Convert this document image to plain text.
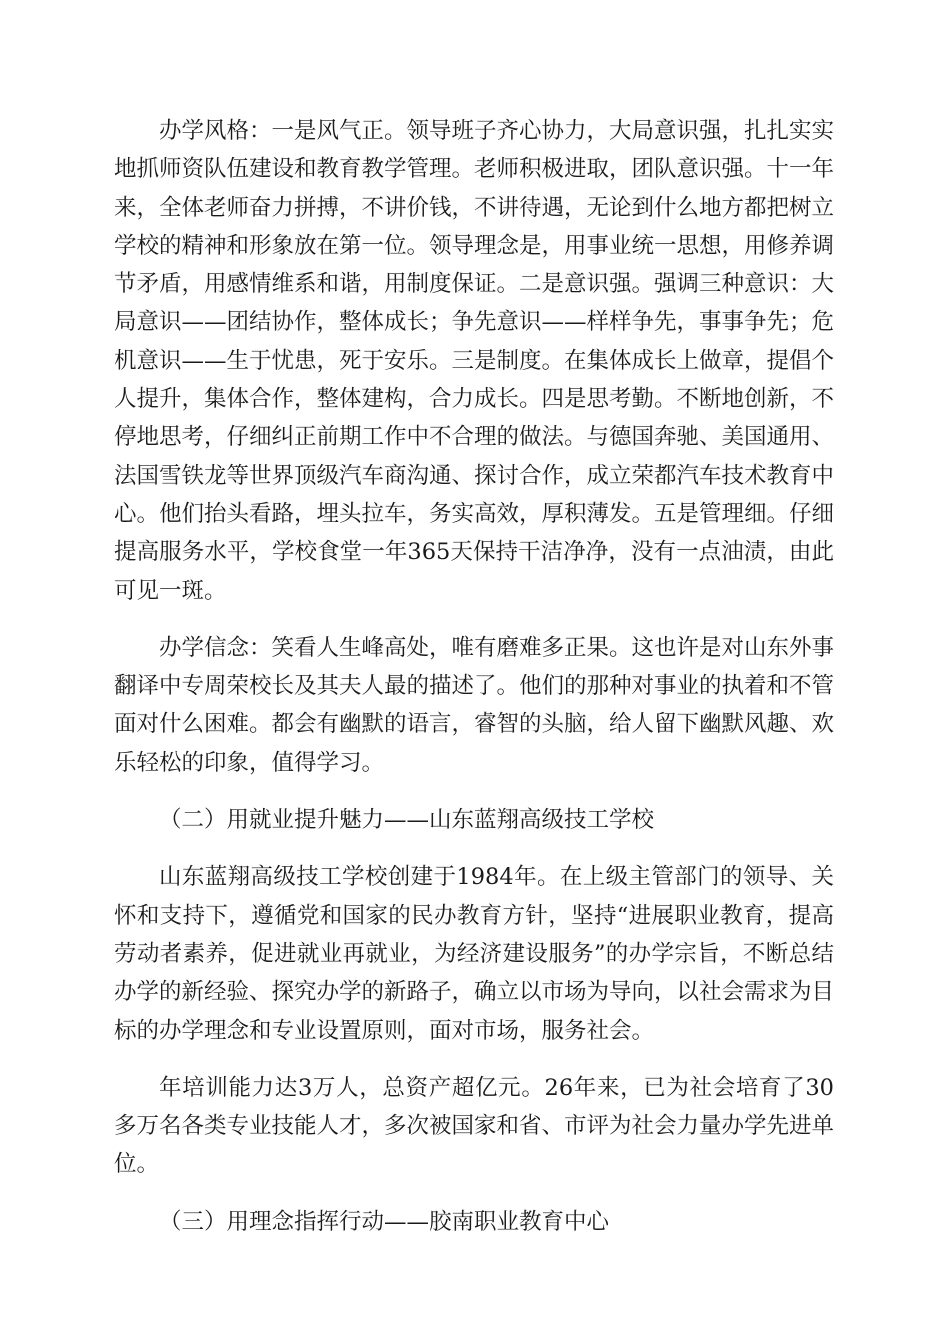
办学风格：一是风气正。领导班子齐心协力，大局意识强，扎扎实实地抓师资队伍建设和教育教学管理。老师积极进取，团队意识强。十一年来，全体老师奋力拼搏，不讲价钱，不讲待遇，无论到什么地方都把树立学校的精神和形象放在第一位。领导理念是，用事业统一思想，用修养调节矛盾，用感情维系和谐，用制度保证。二是意识强。强调三种意识：大局意识——团结协作，整体成长；争先意识——样样争先，事事争先；危机意识——生于忧患，死于安乐。三是制度。在集体成长上做章，提倡个人提升，集体合作，整体建构，合力成长。四是思考勤。不断地创新，不停地思考，仔细纠正前期工作中不合理的做法。与德国奔驰、美国通用、法国雪铁龙等世界顶级汽车商沟通、探讨合作，成立荣都汽车技术教育中心。他们抬头看路，埋头拉车，务实高效，厚积薄发。五是管理细。仔细提高服务水平，学校食堂一年365天保持干洁净净，没有一点油渍，由此可见一斑。

办学信念：笑看人生峰高处，唯有磨难多正果。这也许是对山东外事翻译中专周荣校长及其夫人最的描述了。他们的那种对事业的执着和不管面对什么困难。都会有幽默的语言，睿智的头脑，给人留下幽默风趣、欢乐轻松的印象，值得学习。

（二）用就业提升魅力——山东蓝翔高级技工学校

山东蓝翔高级技工学校创建于1984年。在上级主管部门的领导、关怀和支持下，遵循党和国家的民办教育方针，坚持“进展职业教育，提高劳动者素养，促进就业再就业，为经济建设服务”的办学宗旨，不断总结办学的新经验、探究办学的新路子，确立以市场为导向，以社会需求为目标的办学理念和专业设置原则，面对市场，服务社会。

年培训能力达3万人，总资产超亿元。26年来，已为社会培育了30多万名各类专业技能人才，多次被国家和省、市评为社会力量办学先进单位。

（三）用理念指挥行动——胶南职业教育中心
